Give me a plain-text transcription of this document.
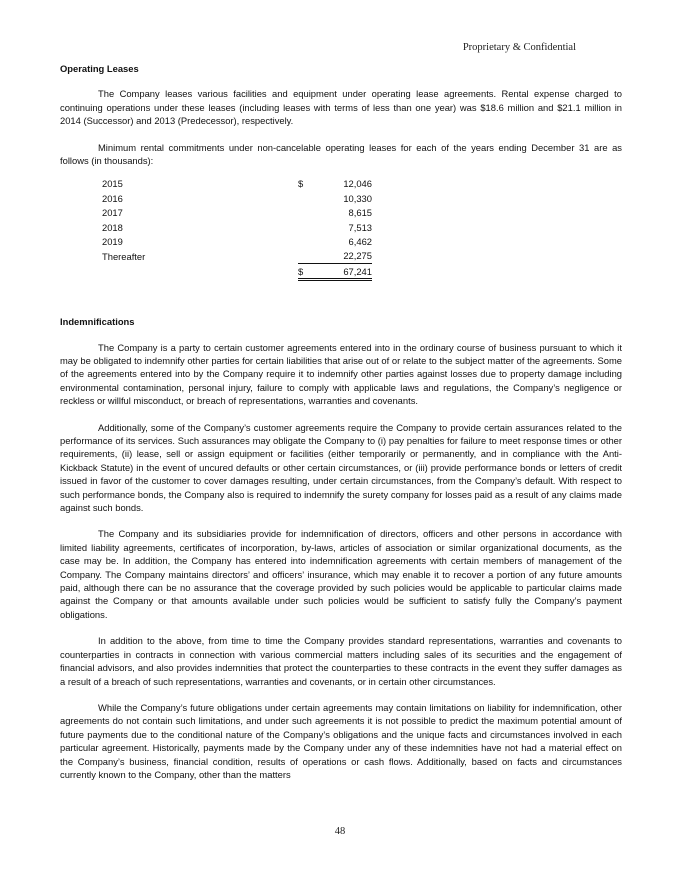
Proprietary & Confidential
Operating Leases

The Company leases various facilities and equipment under operating lease agreements. Rental expense charged to continuing operations under these leases (including leases with terms of less than one year) was $18.6 million and $21.1 million in 2014 (Successor) and 2013 (Predecessor), respectively.

Minimum rental commitments under non-cancelable operating leases for each of the years ending December 31 are as follows (in thousands):

2015	$	12,046
2016		10,330
2017		8,615
2018		7,513
2019		6,462
Thereafter		22,275
	$	67,241
Indemnifications

The Company is a party to certain customer agreements entered into in the ordinary course of business pursuant to which it may be obligated to indemnify other parties for certain liabilities that arise out of or relate to the subject matter of the agreements. Some of the agreements entered into by the Company require it to indemnify other parties against losses due to property damage including environmental contamination, personal injury, failure to comply with applicable laws and regulations, the Company’s negligence or reckless or willful misconduct, or breach of representations, warranties and covenants.

Additionally, some of the Company’s customer agreements require the Company to provide certain assurances related to the performance of its services. Such assurances may obligate the Company to (i) pay penalties for failure to meet response times or other requirements, (ii) lease, sell or assign equipment or facilities (either temporarily or permanently, and in compliance with the Anti-Kickback Statute) in the event of uncured defaults or other certain circumstances, or (iii) provide performance bonds or letters of credit issued in favor of the customer to cover damages resulting, under certain circumstances, from the Company’s default. With respect to such performance bonds, the Company also is required to indemnify the surety company for losses paid as a result of any claims made against such bonds.

The Company and its subsidiaries provide for indemnification of directors, officers and other persons in accordance with limited liability agreements, certificates of incorporation, by-laws, articles of association or similar organizational documents, as the case may be. In addition, the Company has entered into indemnification agreements with certain members of management of the Company. The Company maintains directors’ and officers’ insurance, which may enable it to recover a portion of any future amounts paid, although there can be no assurance that the coverage provided by such policies would be applicable to particular claims made against the Company or that amounts available under such policies would be sufficient to satisfy fully the Company’s payment obligations.

In addition to the above, from time to time the Company provides standard representations, warranties and covenants to counterparties in contracts in connection with various commercial matters including sales of its securities and the engagement of financial advisors, and also provides indemnities that protect the counterparties to these contracts in the event they suffer damages as a result of a breach of such representations, warranties and covenants, or in certain other circumstances.

While the Company’s future obligations under certain agreements may contain limitations on liability for indemnification, other agreements do not contain such limitations, and under such agreements it is not possible to predict the maximum potential amount of future payments due to the conditional nature of the Company’s obligations and the unique facts and circumstances involved in each particular agreement. Historically, payments made by the Company under any of these indemnities have not had a material effect on the Company’s business, financial condition, results of operations or cash flows. Additionally, based on facts and circumstances currently known to the Company, other than the matters

48
